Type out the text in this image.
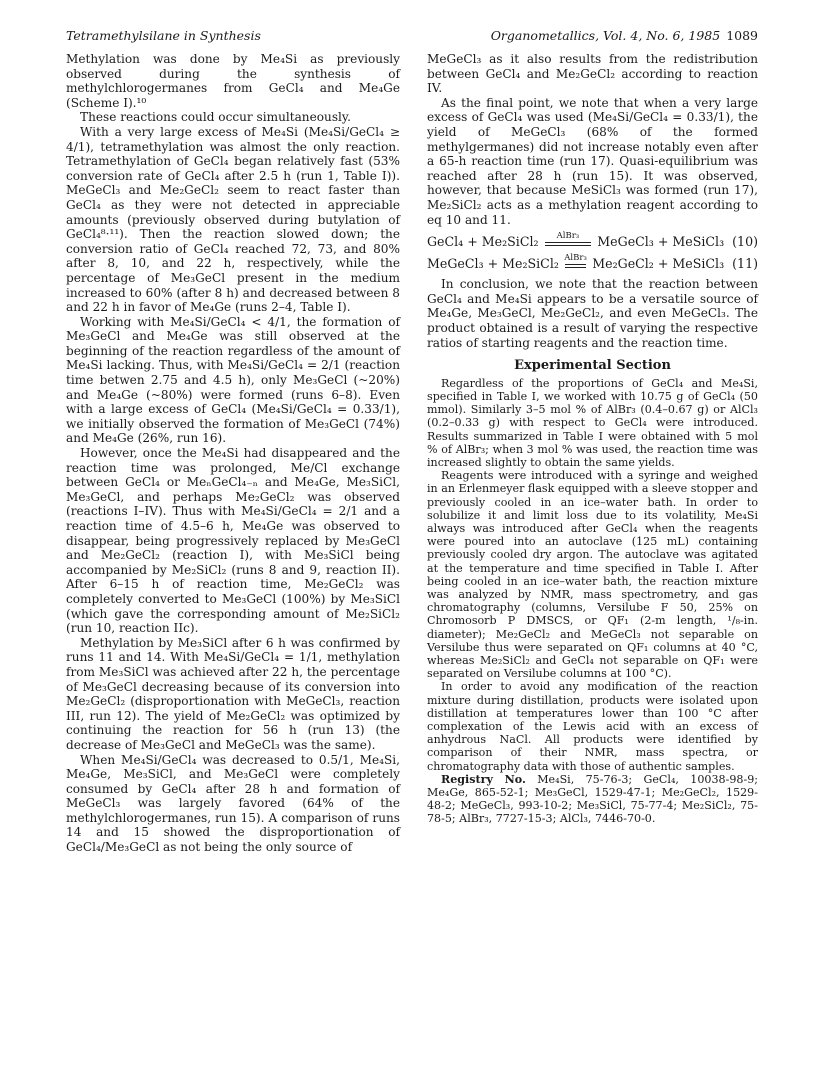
Tetramethylsilane in Synthesis	Organometallics, Vol. 4, No. 6, 1985 1089

Methylation was done by Me₄Si as previously observed during the synthesis of methylchlorogermanes from GeCl₄ and Me₄Ge (Scheme I).¹⁰

These reactions could occur simultaneously.

With a very large excess of Me₄Si (Me₄Si/GeCl₄ ≥ 4/1), tetramethylation was almost the only reaction. Tetramethylation of GeCl₄ began relatively fast (53% conversion rate of GeCl₄ after 2.5 h (run 1, Table I)). MeGeCl₃ and Me₂GeCl₂ seem to react faster than GeCl₄ as they were not detected in appreciable amounts (previously observed during butylation of GeCl₄⁸·¹¹). Then the reaction slowed down; the conversion ratio of GeCl₄ reached 72, 73, and 80% after 8, 10, and 22 h, respectively, while the percentage of Me₃GeCl present in the medium increased to 60% (after 8 h) and decreased between 8 and 22 h in favor of Me₄Ge (runs 2–4, Table I).

Working with Me₄Si/GeCl₄ < 4/1, the formation of Me₃GeCl and Me₄Ge was still observed at the beginning of the reaction regardless of the amount of Me₄Si lacking. Thus, with Me₄Si/GeCl₄ = 2/1 (reaction time betwen 2.75 and 4.5 h), only Me₃GeCl (~20%) and Me₄Ge (~80%) were formed (runs 6–8). Even with a large excess of GeCl₄ (Me₄Si/GeCl₄ = 0.33/1), we initially observed the formation of Me₃GeCl (74%) and Me₄Ge (26%, run 16).

However, once the Me₄Si had disappeared and the reaction time was prolonged, Me/Cl exchange between GeCl₄ or MeₙGeCl₄₋ₙ and Me₄Ge, Me₃SiCl, Me₃GeCl, and perhaps Me₂GeCl₂ was observed (reactions I–IV). Thus with Me₄Si/GeCl₄ = 2/1 and a reaction time of 4.5–6 h, Me₄Ge was observed to disappear, being progressively replaced by Me₃GeCl and Me₂GeCl₂ (reaction I), with Me₃SiCl being accompanied by Me₂SiCl₂ (runs 8 and 9, reaction II). After 6–15 h of reaction time, Me₂GeCl₂ was completely converted to Me₃GeCl (100%) by Me₃SiCl (which gave the corresponding amount of Me₂SiCl₂ (run 10, reaction IIc).

Methylation by Me₃SiCl after 6 h was confirmed by runs 11 and 14. With Me₄Si/GeCl₄ = 1/1, methylation from Me₃SiCl was achieved after 22 h, the percentage of Me₃GeCl decreasing because of its conversion into Me₂GeCl₂ (disproportionation with MeGeCl₃, reaction III, run 12). The yield of Me₂GeCl₂ was optimized by continuing the reaction for 56 h (run 13) (the decrease of Me₃GeCl and MeGeCl₃ was the same).

When Me₄Si/GeCl₄ was decreased to 0.5/1, Me₄Si, Me₄Ge, Me₃SiCl, and Me₃GeCl were completely consumed by GeCl₄ after 28 h and formation of MeGeCl₃ was largely favored (64% of the methylchlorogermanes, run 15). A comparison of runs 14 and 15 showed the disproportionation of GeCl₄/Me₃GeCl as not being the only source of

MeGeCl₃ as it also results from the redistribution between GeCl₄ and Me₂GeCl₂ according to reaction IV.

As the final point, we note that when a very large excess of GeCl₄ was used (Me₄Si/GeCl₄ = 0.33/1), the yield of MeGeCl₃ (68% of the formed methylgermanes) did not increase notably even after a 65-h reaction time (run 17). Quasi-equilibrium was reached after 28 h (run 15). It was observed, however, that because MeSiCl₃ was formed (run 17), Me₂SiCl₂ acts as a methylation reagent according to eq 10 and 11.

GeCl₄ + Me₂SiCl₂	AlBr₃	MeGeCl₃ + MeSiCl₃ (10)
MeGeCl₃ + Me₂SiCl₂ AlBr₃ Me₂GeCl₂ + MeSiCl₃ (11)

In conclusion, we note that the reaction between GeCl₄ and Me₄Si appears to be a versatile source of Me₄Ge, Me₃GeCl, Me₂GeCl₂, and even MeGeCl₃. The product obtained is a result of varying the respective ratios of starting reagents and the reaction time.

Experimental Section

Regardless of the proportions of GeCl₄ and Me₄Si, specified in Table I, we worked with 10.75 g of GeCl₄ (50 mmol). Similarly 3–5 mol % of AlBr₃ (0.4–0.67 g) or AlCl₃ (0.2–0.33 g) with respect to GeCl₄ were introduced. Results summarized in Table I were obtained with 5 mol % of AlBr₃; when 3 mol % was used, the reaction time was increased slightly to obtain the same yields.

Reagents were introduced with a syringe and weighed in an Erlenmeyer flask equipped with a sleeve stopper and previously cooled in an ice–water bath. In order to solubilize it and limit loss due to its volatility, Me₄Si always was introduced after GeCl₄ when the reagents were poured into an autoclave (125 mL) containing previously cooled dry argon. The autoclave was agitated at the temperature and time specified in Table I. After being cooled in an ice–water bath, the reaction mixture was analyzed by NMR, mass spectrometry, and gas chromatography (columns, Versilube F 50, 25% on Chromosorb P DMSCS, or QF₁ (2-m length, ¹/₈-in. diameter); Me₂GeCl₂ and MeGeCl₃ not separable on Versilube thus were separated on QF₁ columns at 40 °C, whereas Me₂SiCl₂ and GeCl₄ not separable on QF₁ were separated on Versilube columns at 100 °C).

In order to avoid any modification of the reaction mixture during distillation, products were isolated upon distillation at temperatures lower than 100 °C after complexation of the Lewis acid with an excess of anhydrous NaCl. All products were identified by comparison of their NMR, mass spectra, or chromatography data with those of authentic samples.

Registry No. Me₄Si, 75-76-3; GeCl₄, 10038-98-9; Me₄Ge, 865-52-1; Me₃GeCl, 1529-47-1; Me₂GeCl₂, 1529-48-2; MeGeCl₃, 993-10-2; Me₃SiCl, 75-77-4; Me₂SiCl₂, 75-78-5; AlBr₃, 7727-15-3; AlCl₃, 7446-70-0.
